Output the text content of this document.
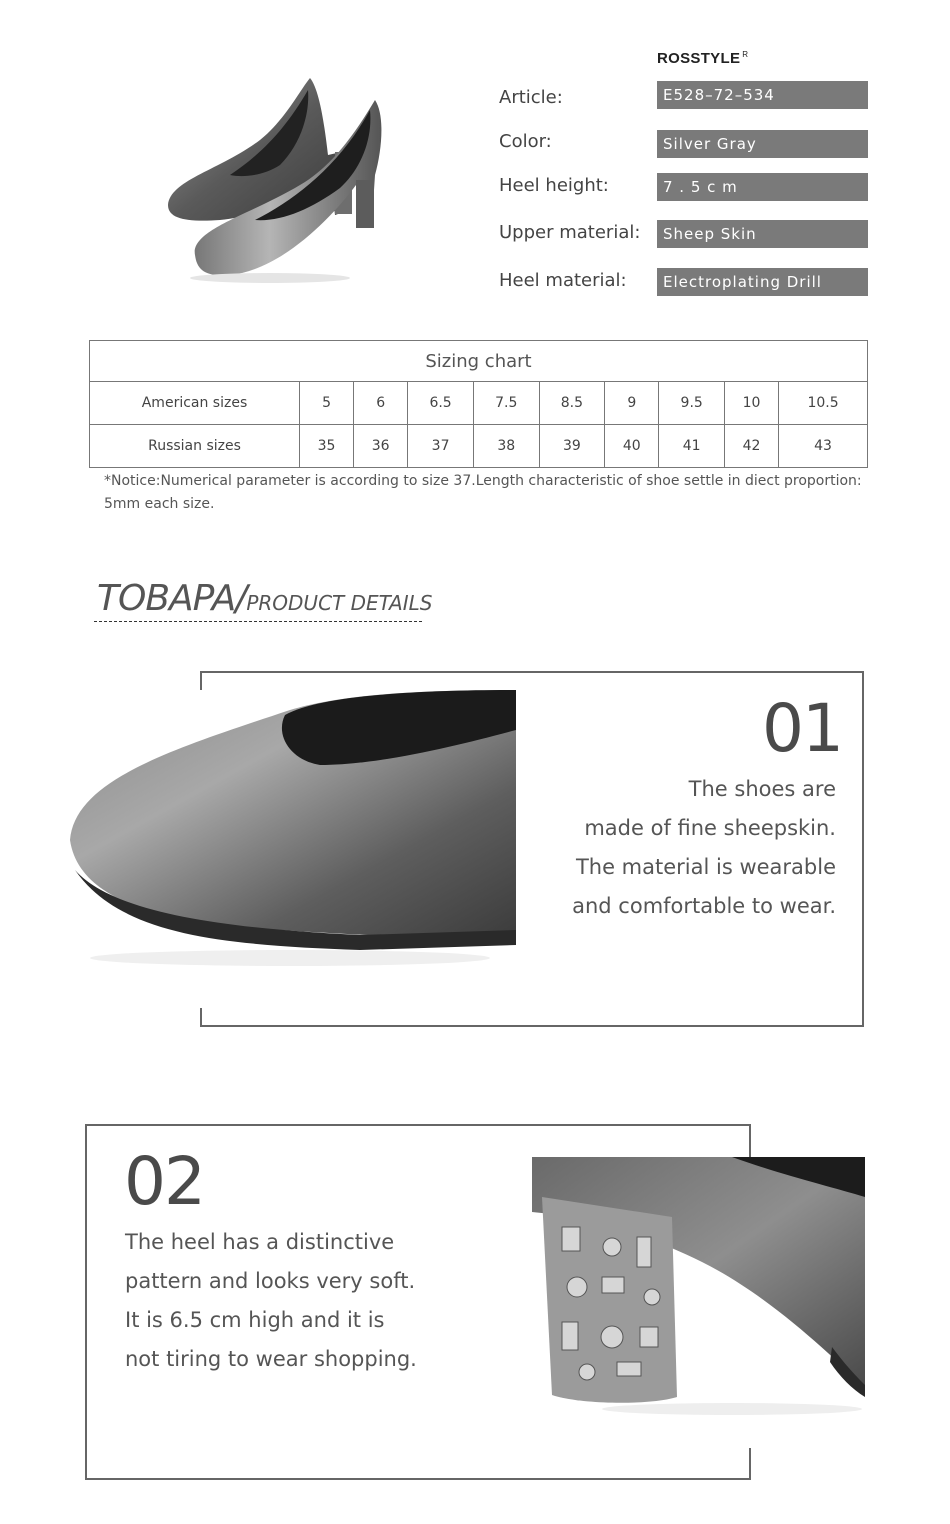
ROSSTYLE $^R$
Article:	E528–72–534
Color:	Silver Gray
Heel height:	7 . 5 c m
Upper material:	Sheep Skin
Heel material:	Electroplating Drill
Sizing chart									
American sizes	5	6	6.5	7.5	8.5	9	9.5	10	10.5
Russian sizes	35	36	37	38	39	40	41	42	43
*Notice:Numerical parameter is according to size 37.Length characteristic of shoe settle in diect proportion: 5mm each size.
TOBAPA/PRODUCT DETAILS
01
The shoes are
made of fine sheepskin.
The material is wearable
and comfortable to wear.
02
The heel has a distinctive
pattern and looks very soft.
It is 6.5 cm high and it is
not tiring to wear shopping.
